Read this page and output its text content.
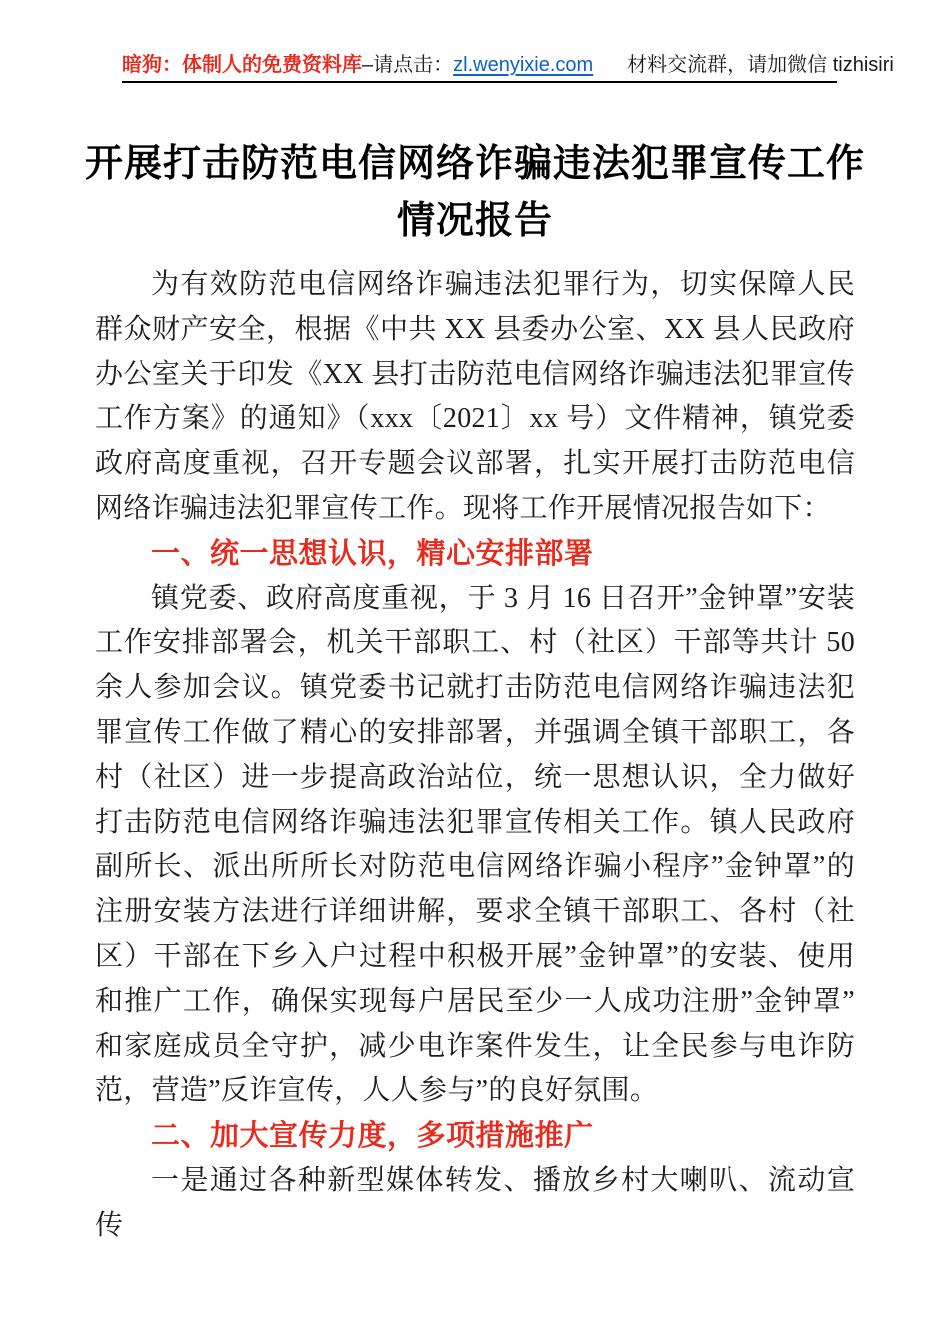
暗狗：体制人的免费资料库–请点击：zl.wenyixie.com 材料交流群，请加微信 tizhisiri
开展打击防范电信网络诈骗违法犯罪宣传工作
情况报告

为有效防范电信网络诈骗违法犯罪行为，切实保障人民群众财产安全，根据《中共 XX 县委办公室、XX 县人民政府办公室关于印发《XX 县打击防范电信网络诈骗违法犯罪宣传工作方案》的通知》（xxx〔2021〕xx 号）文件精神，镇党委政府高度重视，召开专题会议部署，扎实开展打击防范电信网络诈骗违法犯罪宣传工作。现将工作开展情况报告如下：

一、统一思想认识，精心安排部署

镇党委、政府高度重视，于 3 月 16 日召开”金钟罩”安装工作安排部署会，机关干部职工、村（社区）干部等共计 50 余人参加会议。镇党委书记就打击防范电信网络诈骗违法犯罪宣传工作做了精心的安排部署，并强调全镇干部职工，各村（社区）进一步提高政治站位，统一思想认识，全力做好打击防范电信网络诈骗违法犯罪宣传相关工作。镇人民政府副所长、派出所所长对防范电信网络诈骗小程序”金钟罩”的注册安装方法进行详细讲解，要求全镇干部职工、各村（社区）干部在下乡入户过程中积极开展”金钟罩”的安装、使用和推广工作，确保实现每户居民至少一人成功注册”金钟罩”和家庭成员全守护，减少电诈案件发生，让全民参与电诈防范，营造”反诈宣传，人人参与”的良好氛围。

二、加大宣传力度，多项措施推广

一是通过各种新型媒体转发、播放乡村大喇叭、流动宣传
